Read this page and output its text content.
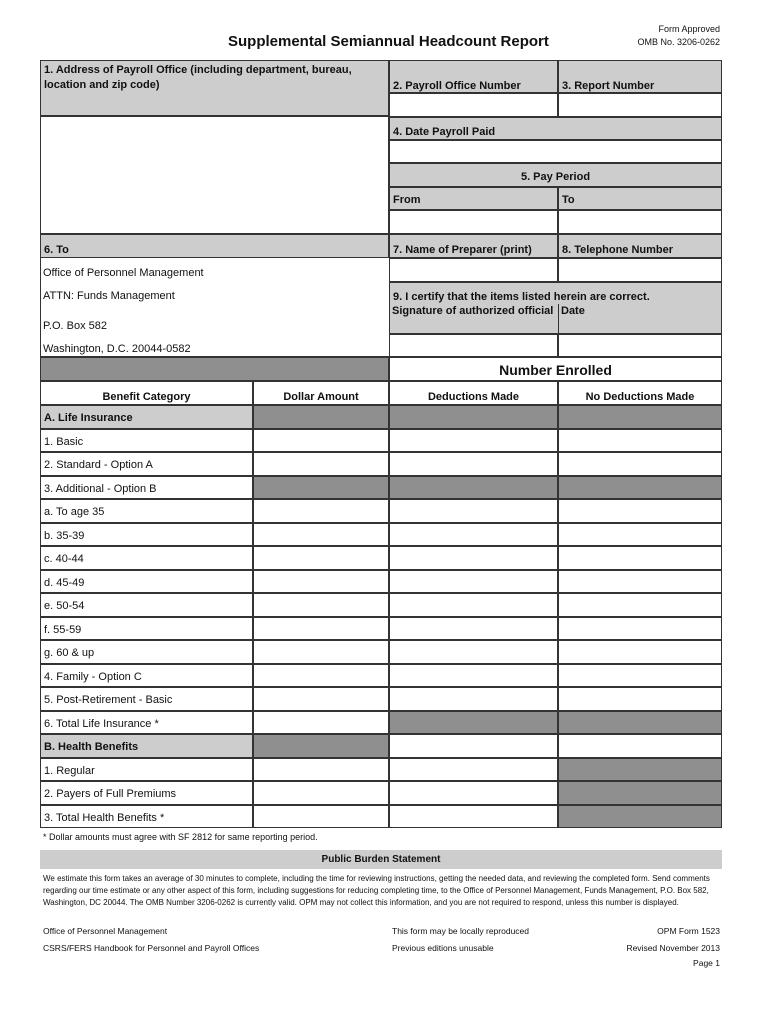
Supplemental Semiannual Headcount Report
Form Approved
OMB No. 3206-0262
1. Address of Payroll Office (including department, bureau, location and zip code)	2. Payroll Office Number	3. Report Number
4. Date Payroll Paid
5. Pay Period
From	To
6. To
Office of Personnel Management
ATTN: Funds Management
P.O. Box 582
Washington, D.C. 20044-0582
7. Name of Preparer (print)	8. Telephone Number
9. I certify that the items listed herein are correct.
Signature of authorized official Date
Number Enrolled
Benefit Category	Dollar Amount	Deductions Made	No Deductions Made
A. Life Insurance
1. Basic
2. Standard - Option A
3. Additional - Option B
a. To age 35
b. 35-39
c. 40-44
d. 45-49
e. 50-54
f. 55-59
g. 60 & up
4. Family - Option C
5. Post-Retirement - Basic
6. Total Life Insurance *
B. Health Benefits
1. Regular
2. Payers of Full Premiums
3. Total Health Benefits *
* Dollar amounts must agree with SF 2812 for same reporting period.
Public Burden Statement
We estimate this form takes an average of 30 minutes to complete, including the time for reviewing instructions, getting the needed data, and reviewing the completed form. Send comments regarding our time estimate or any other aspect of this form, including suggestions for reducing completing time, to the Office of Personnel Management, Funds Management, P.O. Box 582, Washington, DC 20044. The OMB Number 3206-0262 is currently valid. OPM may not collect this information, and you are not required to respond, unless this number is displayed.
Office of Personnel Management
CSRS/FERS Handbook for Personnel and Payroll Offices
This form may be locally reproduced
Previous editions unusable
OPM Form 1523
Revised November 2013
Page 1
